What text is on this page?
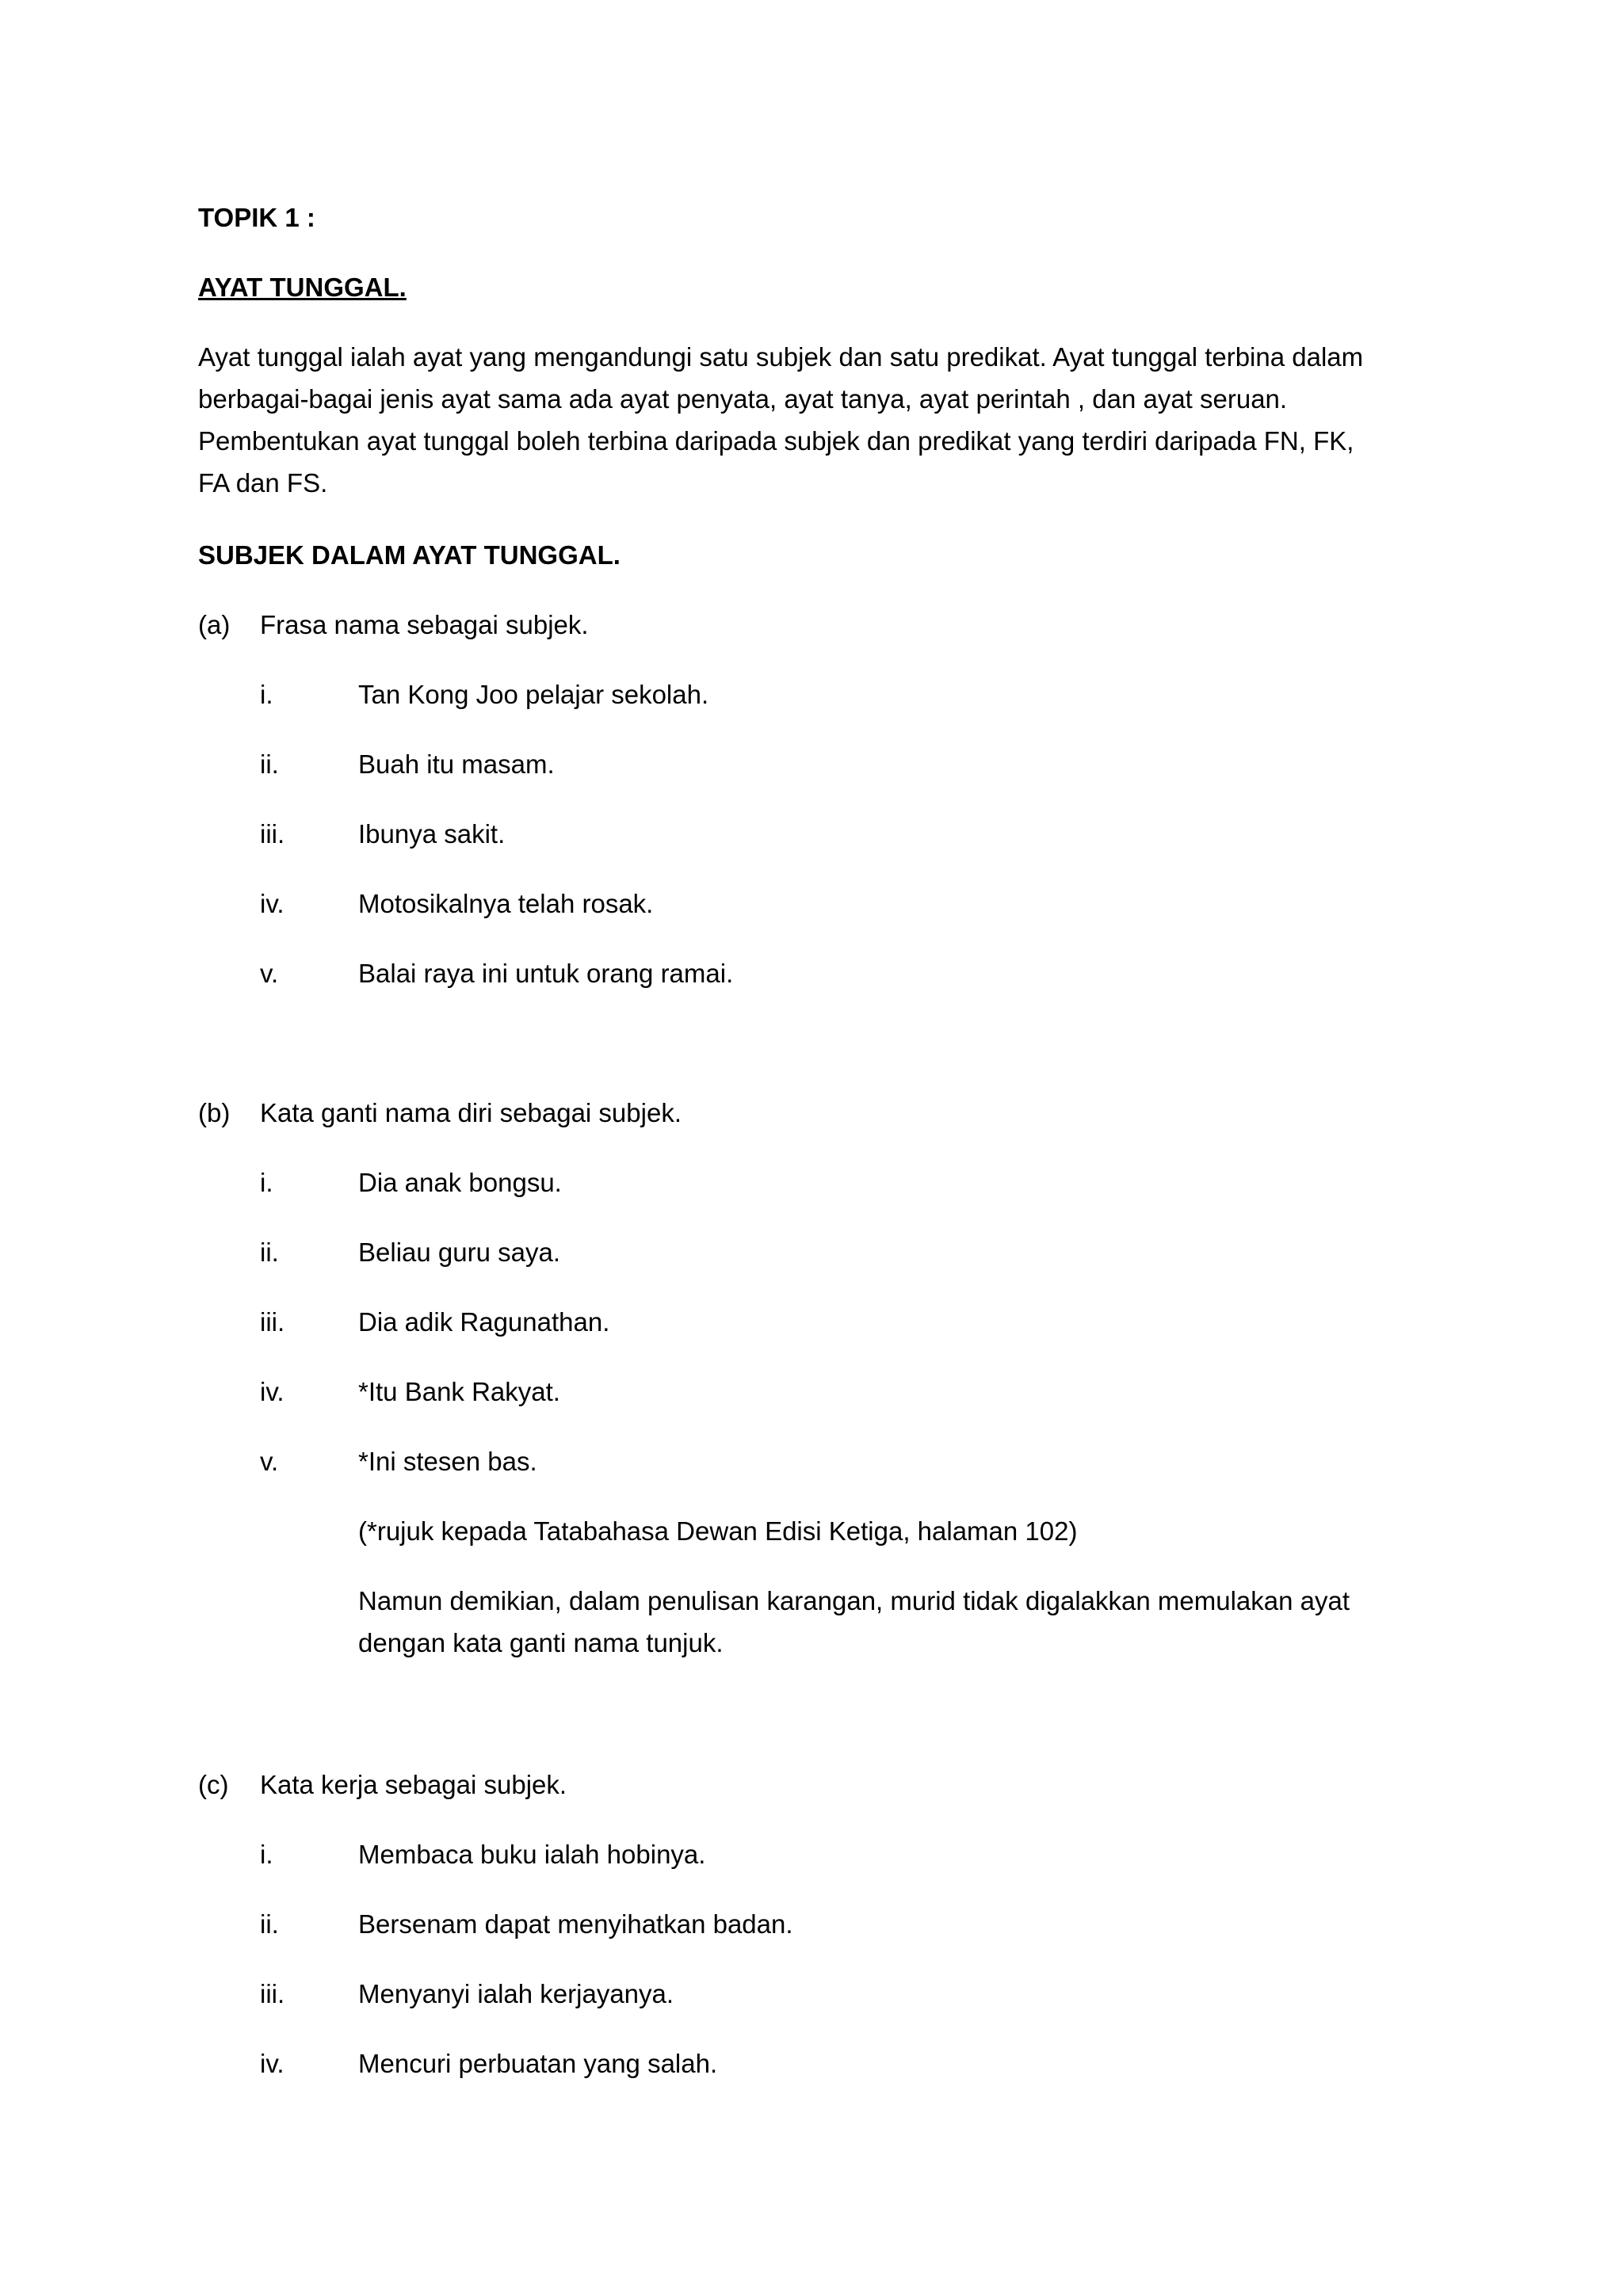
TOPIK 1 :
AYAT TUNGGAL.
Ayat tunggal ialah ayat yang mengandungi satu subjek dan satu predikat. Ayat tunggal terbina dalam
berbagai-bagai jenis ayat sama ada ayat penyata, ayat tanya, ayat perintah , dan ayat seruan.
Pembentukan ayat tunggal boleh terbina daripada subjek dan predikat yang terdiri daripada FN, FK,
FA dan FS.
SUBJEK DALAM AYAT TUNGGAL.
(a) Frasa nama sebagai subjek.
i.	Tan Kong Joo pelajar sekolah.
ii.	Buah itu masam.
iii.	Ibunya sakit.
iv.	Motosikalnya telah rosak.
v.	Balai raya ini untuk orang ramai.
(b) Kata ganti nama diri sebagai subjek.
i.	Dia anak bongsu.
ii.	Beliau guru saya.
iii.	Dia adik Ragunathan.
iv.	*Itu Bank Rakyat.
v.	*Ini stesen bas.
(*rujuk kepada Tatabahasa Dewan Edisi Ketiga, halaman 102)
Namun demikian, dalam penulisan karangan, murid tidak digalakkan memulakan ayat
dengan kata ganti nama tunjuk.
(c) Kata kerja sebagai subjek.
i.	Membaca buku ialah hobinya.
ii.	Bersenam dapat menyihatkan badan.
iii.	Menyanyi ialah kerjayanya.
iv.	Mencuri perbuatan yang salah.
